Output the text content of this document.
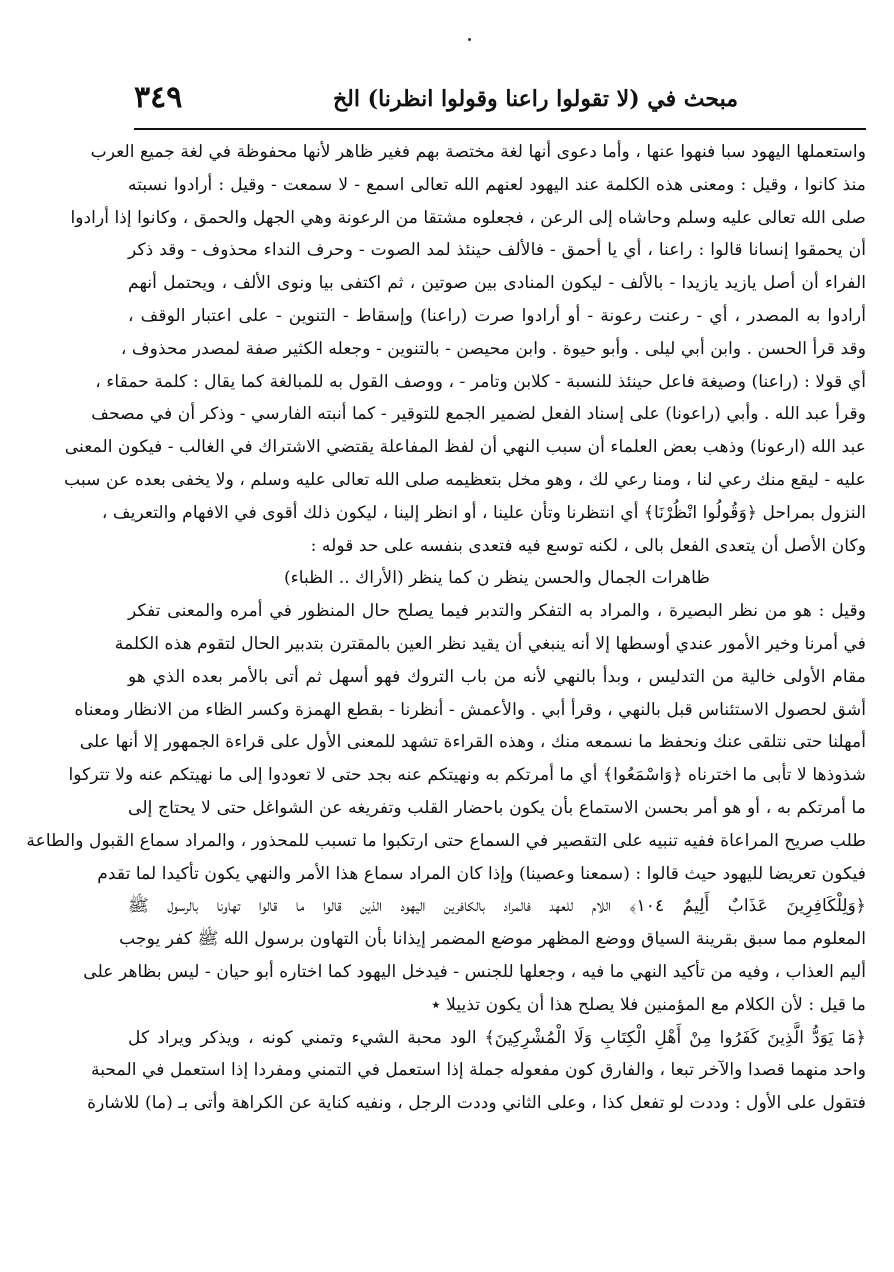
مبحث في (لا تقولوا راعنا وقولوا انظرنا) الخ
٣٤٩
واستعملها اليهود سبا فنهوا عنها ، وأما دعوى أنها لغة مختصة بهم فغير ظاهر لأنها محفوظة في لغة جميع العرب
منذ كانوا ، وقيل : ومعنى هذه الكلمة عند اليهود لعنهم الله تعالى اسمع - لا سمعت - وقيل : أرادوا نسبته
صلى الله تعالى عليه وسلم وحاشاه إلى الرعن ، فجعلوه مشتقا من الرعونة وهي الجهل والحمق ، وكانوا إذا أرادوا
أن يحمقوا إنسانا قالوا : راعنا ، أي يا أحمق - فالألف حينئذ لمد الصوت - وحرف النداء محذوف - وقد ذكر
الفراء أن أصل يازيد يازيدا - بالألف - ليكون المنادى بين صوتين ، ثم اكتفى بيا ونوى الألف ، ويحتمل أنهم
أرادوا به المصدر ، أي - رعنت رعونة - أو أرادوا صرت (راعنا) وإسقاط - التنوين - على اعتبار الوقف ،
وقد قرأ الحسن . وابن أبي ليلى . وأبو حيوة . وابن محيصن - بالتنوين - وجعله الكثير صفة لمصدر محذوف ،
أي قولا : (راعنا) وصيغة فاعل حينئذ للنسبة - كلابن وتامر - ، ووصف القول به للمبالغة كما يقال : كلمة حمقاء ،
وقرأ عبد الله . وأبي (راعونا) على إسناد الفعل لضمير الجمع للتوقير - كما أنبته الفارسي - وذكر أن في مصحف
عبد الله (ارعونا) وذهب بعض العلماء أن سبب النهي أن لفظ المفاعلة يقتضي الاشتراك في الغالب - فيكون المعنى
عليه - ليقع منك رعي لنا ، ومنا رعي لك ، وهو مخل بتعظيمه صلى الله تعالى عليه وسلم ، ولا يخفى بعده عن سبب
النزول بمراحل ﴿وَقُولُوا انْظُرْنَا﴾ أي انتظرنا وتأن علينا ، أو انظر إلينا ، ليكون ذلك أقوى في الافهام والتعريف ،
وكان الأصل أن يتعدى الفعل بالى ، لكنه توسع فيه فتعدى بنفسه على حد قوله :
ظاهرات الجمال والحسن ينظر ن كما ينظر (الأراك .. الظباء)
وقيل : هو من نظر البصيرة ، والمراد به التفكر والتدبر فيما يصلح حال المنظور في أمره والمعنى تفكر
في أمرنا وخير الأمور عندي أوسطها إلا أنه ينبغي أن يقيد نظر العين بالمقترن بتدبير الحال لتقوم هذه الكلمة
مقام الأولى خالية من التدليس ، وبدأ بالنهي لأنه من باب التروك فهو أسهل ثم أتى بالأمر بعده الذي هو
أشق لحصول الاستئناس قبل بالنهي ، وقرأ أبي . والأعمش - أنظرنا - بقطع الهمزة وكسر الظاء من الانظار ومعناه
أمهلنا حتى نتلقى عنك ونحفظ ما نسمعه منك ، وهذه القراءة تشهد للمعنى الأول على قراءة الجمهور إلا أنها على
شذوذها لا تأبى ما اخترناه ﴿وَاسْمَعُوا﴾ أي ما أمرتكم به ونهيتكم عنه بجد حتى لا تعودوا إلى ما نهيتكم عنه ولا تتركوا
ما أمرتكم به ، أو هو أمر بحسن الاستماع بأن يكون باحضار القلب وتفريغه عن الشواغل حتى لا يحتاج إلى
طلب صريح المراعاة ففيه تنبيه على التقصير في السماع حتى ارتكبوا ما تسبب للمحذور ، والمراد سماع القبول والطاعة
فيكون تعريضا لليهود حيث قالوا : (سمعنا وعصينا) وإذا كان المراد سماع هذا الأمر والنهي يكون تأكيدا لما تقدم
﴿وَلِلْكَافِرِينَ عَذَابٌ أَلِيمٌ ١٠٤﴾ اللام للعهد فالمراد بالكافرين اليهود الذين قالوا ما قالوا تهاونا بالرسول ﷺ
المعلوم مما سبق بقرينة السياق ووضع المظهر موضع المضمر إيذانا بأن التهاون برسول الله ﷺ كفر يوجب
أليم العذاب ، وفيه من تأكيد النهي ما فيه ، وجعلها للجنس - فيدخل اليهود كما اختاره أبو حيان - ليس بظاهر على
ما قيل : لأن الكلام مع المؤمنين فلا يصلح هذا أن يكون تذييلا ٭
﴿مَا يَوَدُّ الَّذِينَ كَفَرُوا مِنْ أَهْلِ الْكِتَابِ وَلَا الْمُشْرِكِينَ﴾ الود محبة الشيء وتمني كونه ، ويذكر ويراد كل
واحد منهما قصدا والآخر تبعا ، والفارق كون مفعوله جملة إذا استعمل في التمني ومفردا إذا استعمل في المحبة
فتقول على الأول : وددت لو تفعل كذا ، وعلى الثاني وددت الرجل ، ونفيه كناية عن الكراهة وأتى بـ (ما) للاشارة
